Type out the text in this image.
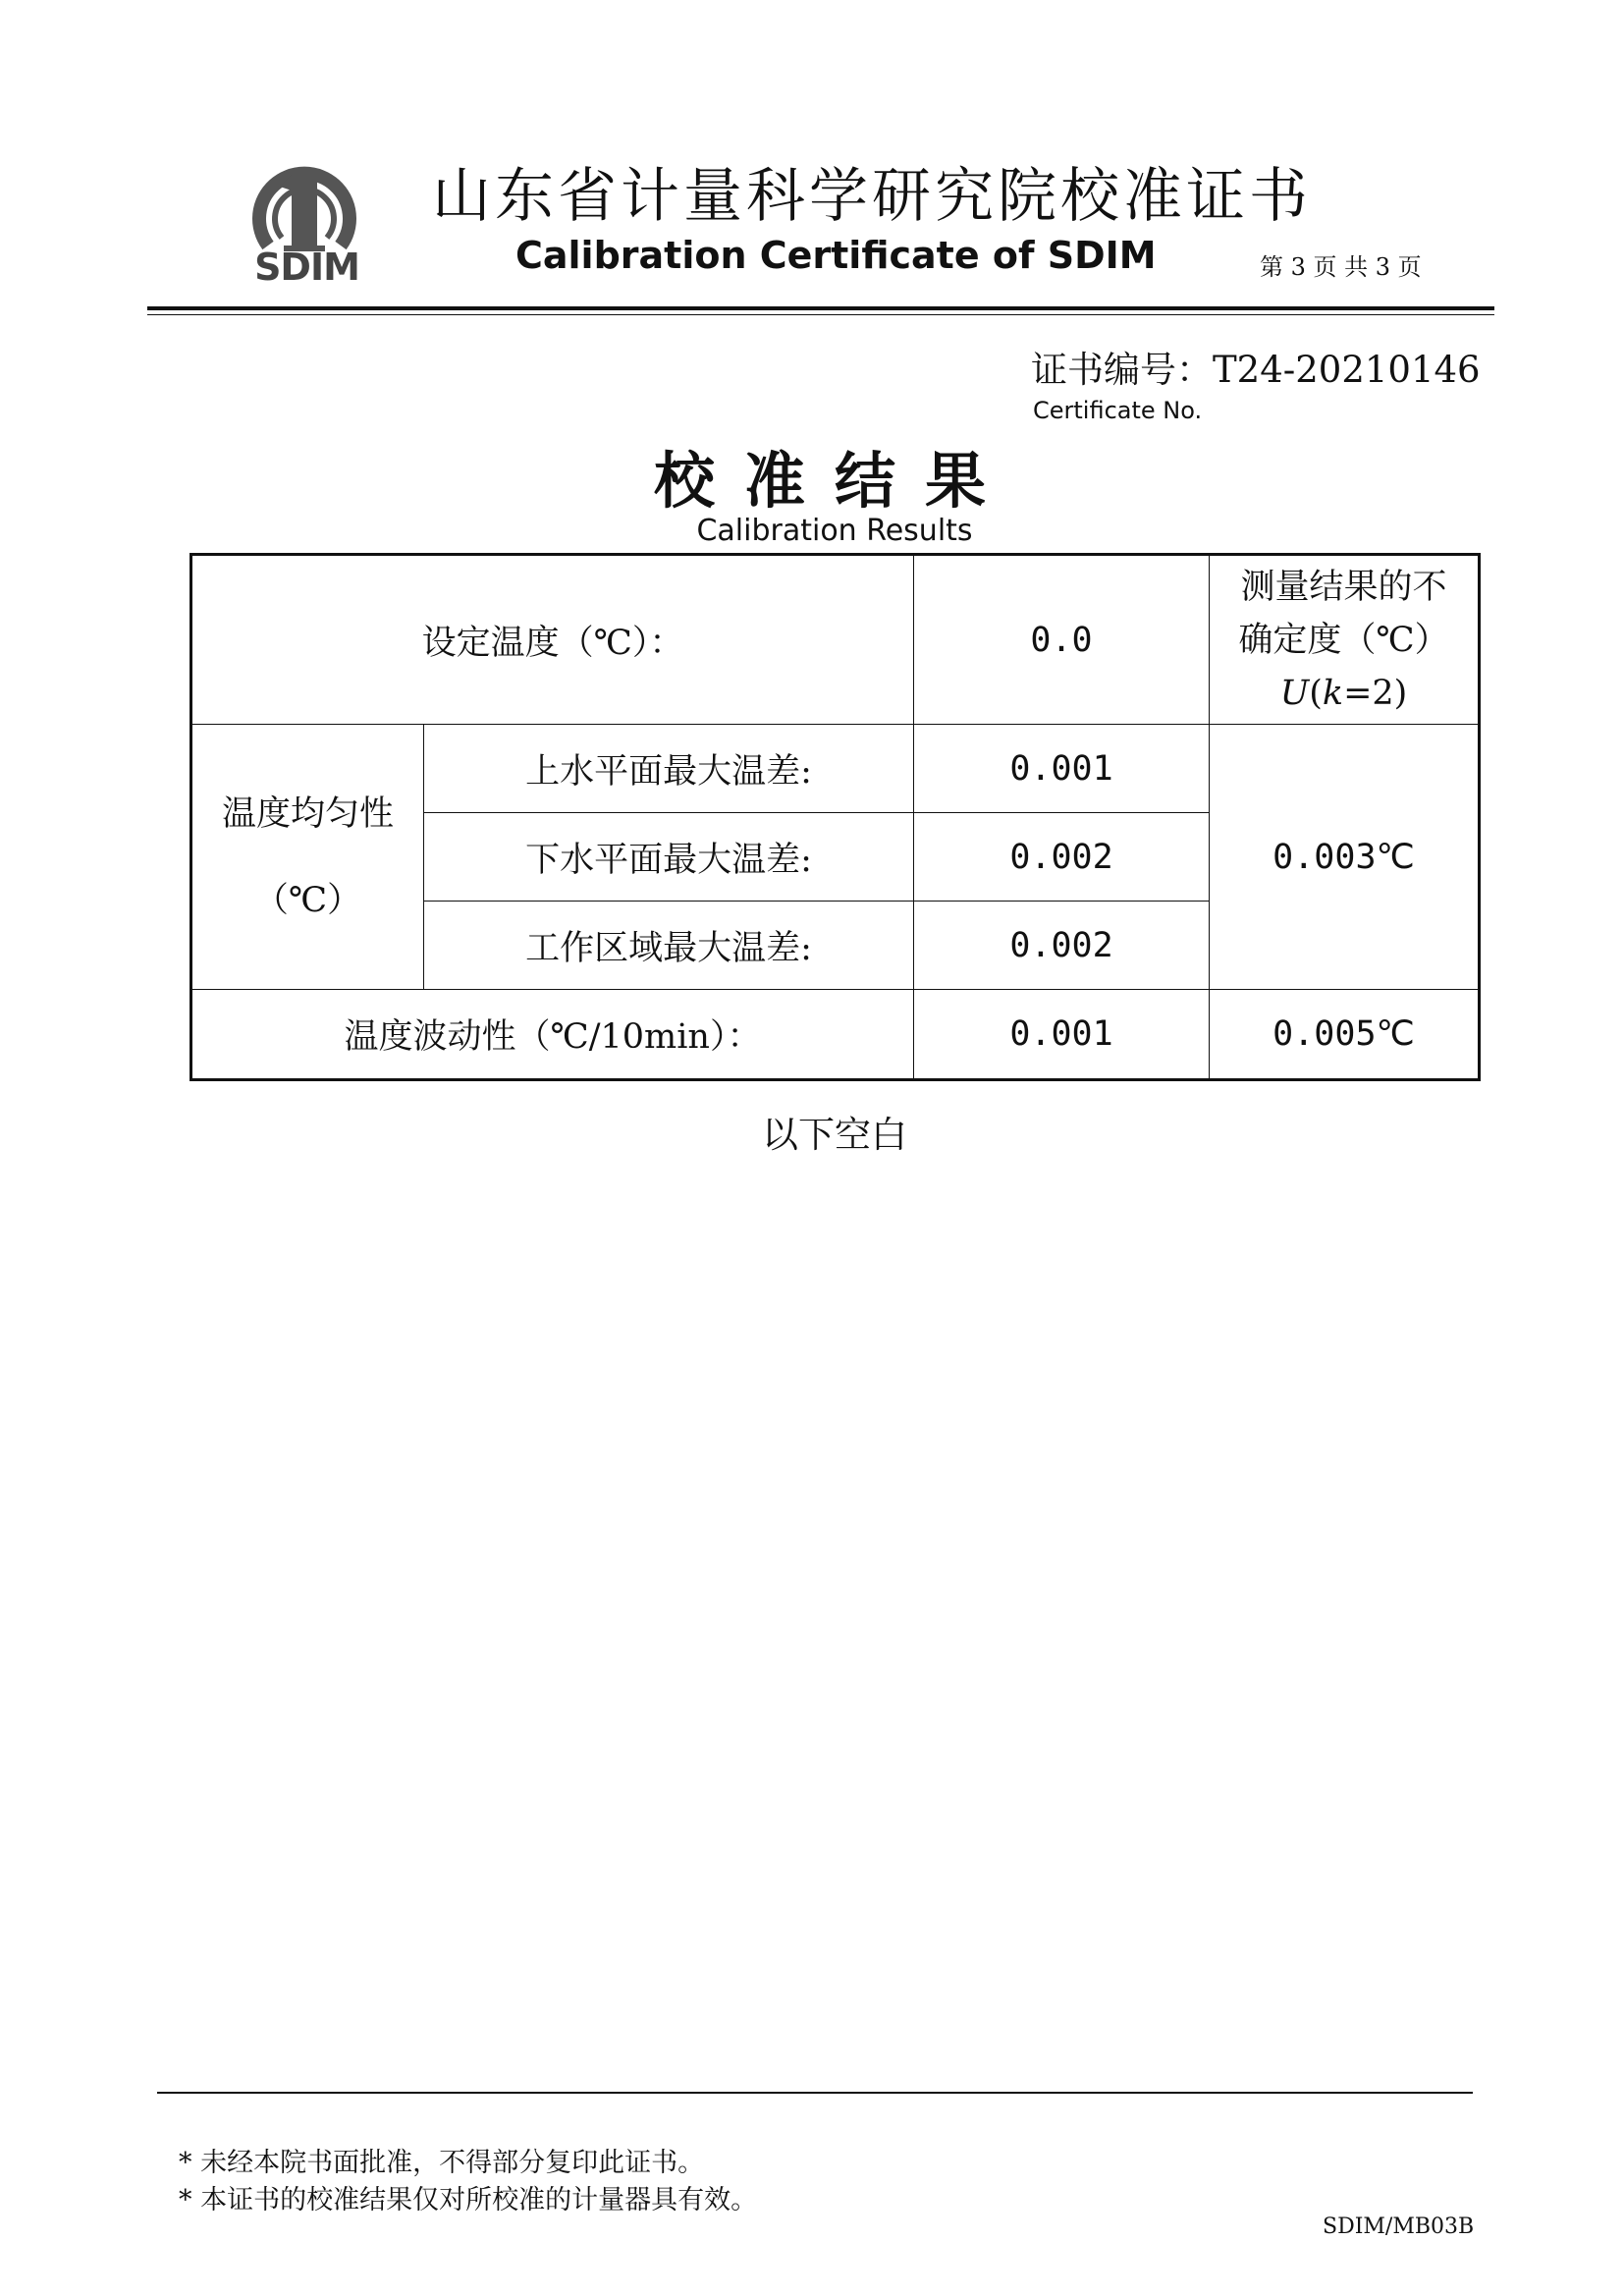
SDIM
山东省计量科学研究院校准证书
Calibration Certificate of SDIM	第 3 页 共 3 页
证书编号：T24-20210146
Certificate No.
校准结果
Calibration Results
设定温度（℃）：		0.0	测量结果的不
确定度（℃）
U(k=2)

温度均匀性
（℃）	上水平面最大温差:	0.001	0.003℃
	下水平面最大温差:	0.002	
	工作区域最大温差:	0.002	
温度波动性（℃/10min）：		0.001	0.005℃
以下空白
* 未经本院书面批准，不得部分复印此证书。
* 本证书的校准结果仅对所校准的计量器具有效。
SDIM/MB03B
